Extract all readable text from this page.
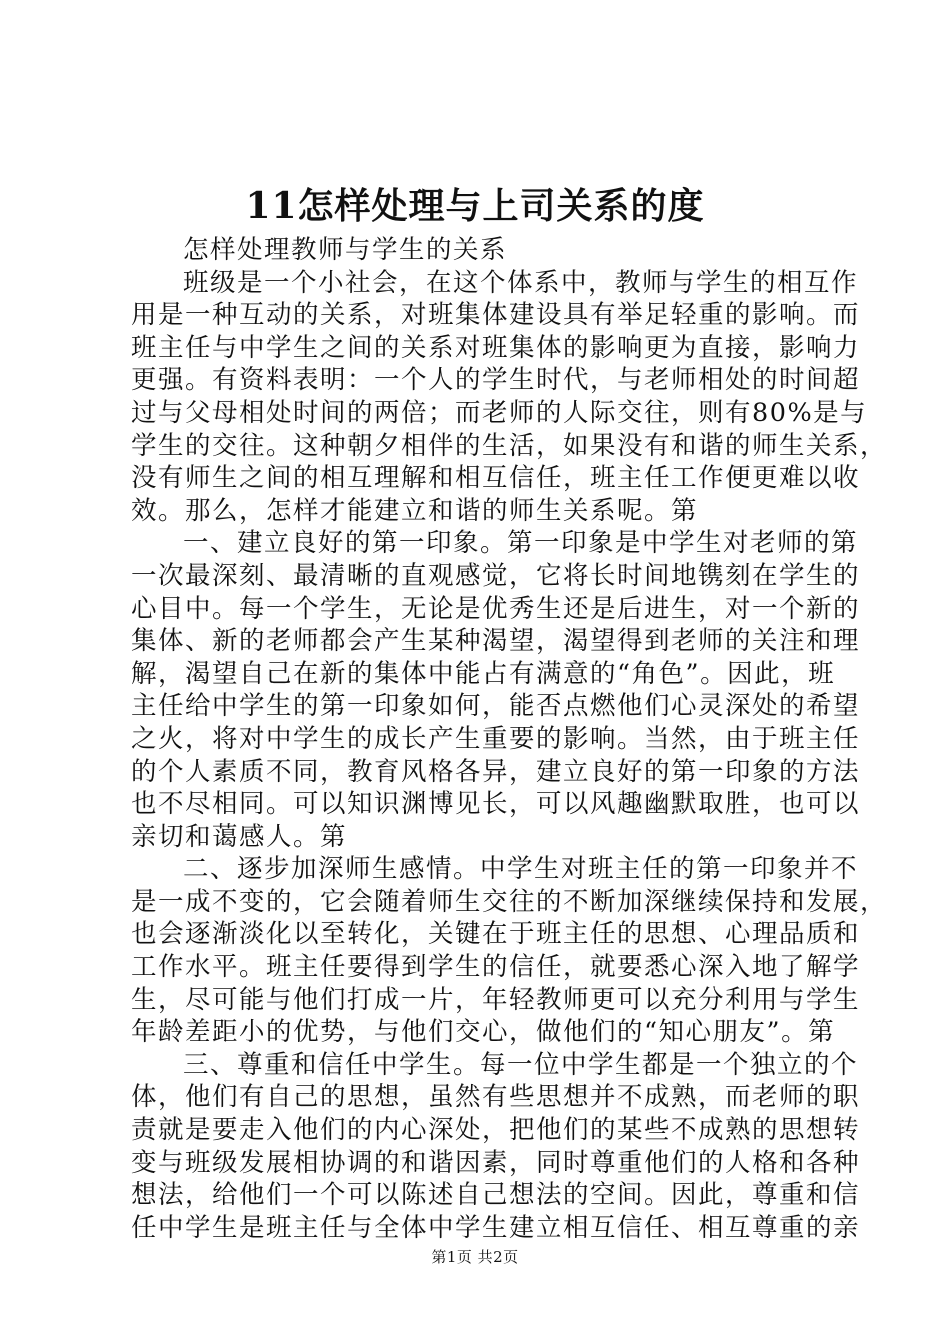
11怎样处理与上司关系的度
怎样处理教师与学生的关系
班级是一个小社会，在这个体系中，教师与学生的相互作
用是一种互动的关系，对班集体建设具有举足轻重的影响。而
班主任与中学生之间的关系对班集体的影响更为直接，影响力
更强。有资料表明：一个人的学生时代，与老师相处的时间超
过与父母相处时间的两倍；而老师的人际交往，则有80%是与
学生的交往。这种朝夕相伴的生活，如果没有和谐的师生关系，
没有师生之间的相互理解和相互信任，班主任工作便更难以收
效。那么，怎样才能建立和谐的师生关系呢。第
一、建立良好的第一印象。第一印象是中学生对老师的第
一次最深刻、最清晰的直观感觉，它将长时间地镌刻在学生的
心目中。每一个学生，无论是优秀生还是后进生，对一个新的
集体、新的老师都会产生某种渴望，渴望得到老师的关注和理
解，渴望自己在新的集体中能占有满意的“角色”。因此，班
主任给中学生的第一印象如何，能否点燃他们心灵深处的希望
之火，将对中学生的成长产生重要的影响。当然，由于班主任
的个人素质不同，教育风格各异，建立良好的第一印象的方法
也不尽相同。可以知识渊博见长，可以风趣幽默取胜，也可以
亲切和蔼感人。第
二、逐步加深师生感情。中学生对班主任的第一印象并不
是一成不变的，它会随着师生交往的不断加深继续保持和发展，
也会逐渐淡化以至转化，关键在于班主任的思想、心理品质和
工作水平。班主任要得到学生的信任，就要悉心深入地了解学
生，尽可能与他们打成一片，年轻教师更可以充分利用与学生
年龄差距小的优势，与他们交心，做他们的“知心朋友”。第
三、尊重和信任中学生。每一位中学生都是一个独立的个
体，他们有自己的思想，虽然有些思想并不成熟，而老师的职
责就是要走入他们的内心深处，把他们的某些不成熟的思想转
变与班级发展相协调的和谐因素，同时尊重他们的人格和各种
想法，给他们一个可以陈述自己想法的空间。因此，尊重和信
任中学生是班主任与全体中学生建立相互信任、相互尊重的亲
第1页 共2页
